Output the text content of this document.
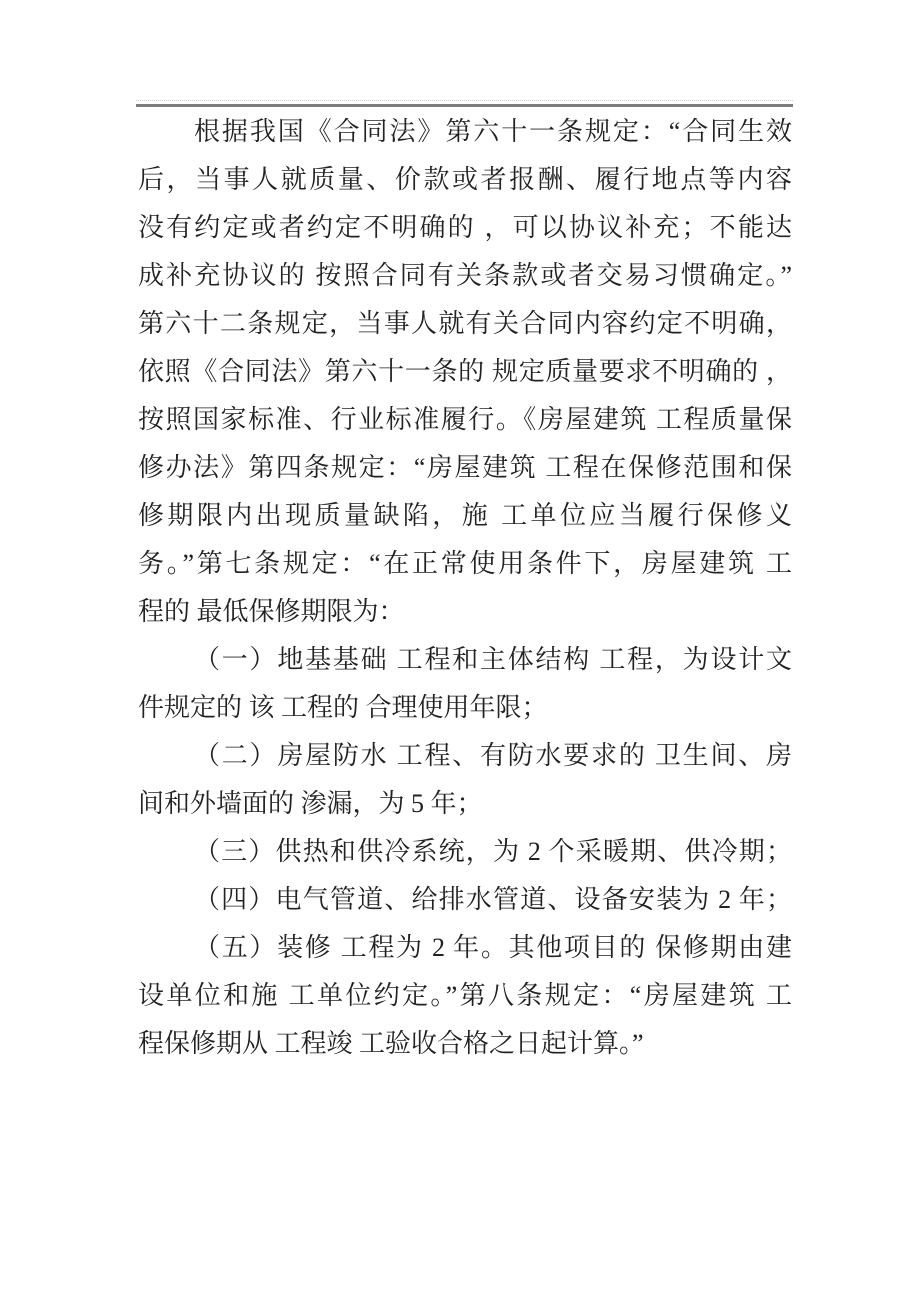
根据我国《合同法》第六十一条规定：“合同生效
后，当事人就质量、价款或者报酬、履行地点等内容
没有约定或者约定不明确的 ，可以协议补充；不能达
成补充协议的 按照合同有关条款或者交易习惯确定。”
第六十二条规定，当事人就有关合同内容约定不明确，
依照《合同法》第六十一条的 规定质量要求不明确的 ，
按照国家标准、行业标准履行。《房屋建筑 工程质量保
修办法》第四条规定：“房屋建筑 工程在保修范围和保
修期限内出现质量缺陷，施 工单位应当履行保修义
务。”第七条规定：“在正常使用条件下，房屋建筑 工
程的 最低保修期限为：
（一）地基基础 工程和主体结构 工程，为设计文
件规定的 该 工程的 合理使用年限；
（二）房屋防水 工程、有防水要求的 卫生间、房
间和外墙面的 渗漏，为 5 年；
（三）供热和供冷系统，为 2 个采暖期、供冷期；
（四）电气管道、给排水管道、设备安装为 2 年；
（五）装修 工程为 2 年。其他项目的 保修期由建
设单位和施 工单位约定。”第八条规定：“房屋建筑 工
程保修期从 工程竣 工验收合格之日起计算。”
